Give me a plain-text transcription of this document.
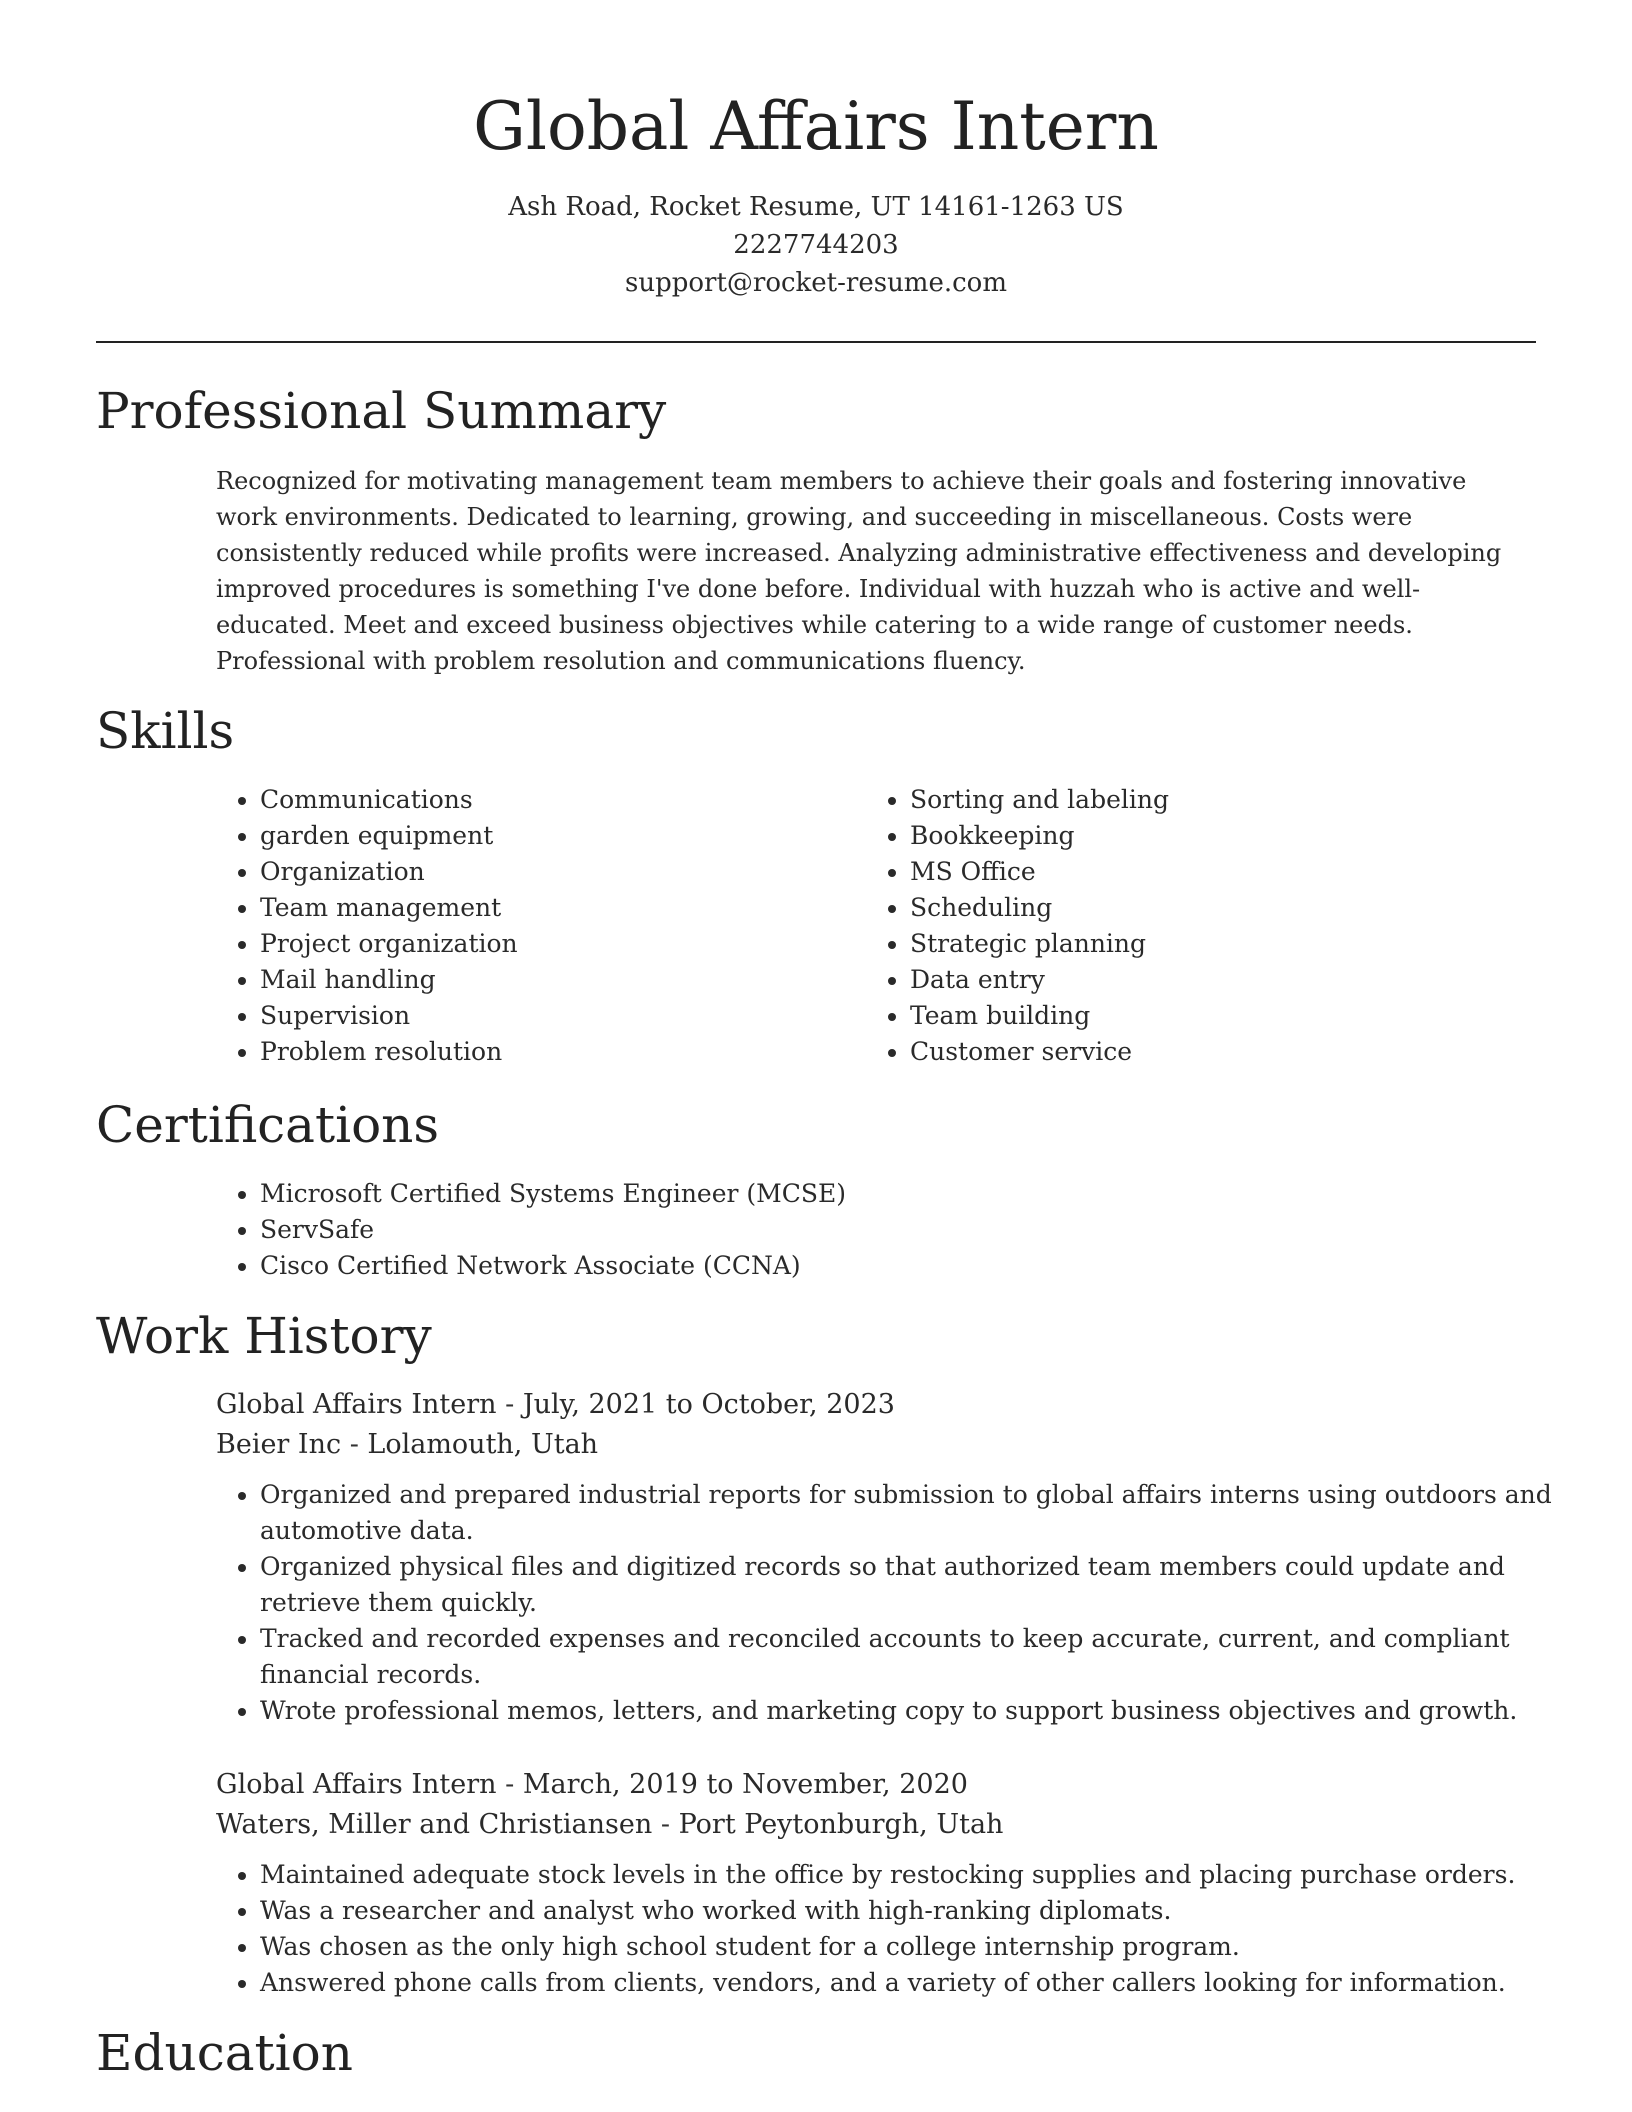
Global Affairs Intern
Ash Road, Rocket Resume, UT 14161-1263 US
2227744203
support@rocket-resume.com
Professional Summary

Recognized for motivating management team members to achieve their goals and fostering innovative work environments. Dedicated to learning, growing, and succeeding in miscellaneous. Costs were consistently reduced while profits were increased. Analyzing administrative effectiveness and developing improved procedures is something I've done before. Individual with huzzah who is active and well-educated. Meet and exceed business objectives while catering to a wide range of customer needs. Professional with problem resolution and communications fluency.

Skills
• Communications
• garden equipment
• Organization
• Team management
• Project organization
• Mail handling
• Supervision
• Problem resolution
• Sorting and labeling
• Bookkeeping
• MS Office
• Scheduling
• Strategic planning
• Data entry
• Team building
• Customer service
Certifications
• Microsoft Certified Systems Engineer (MCSE)
• ServSafe
• Cisco Certified Network Associate (CCNA)
Work History
Global Affairs Intern - July, 2021 to October, 2023
Beier Inc - Lolamouth, Utah
• Organized and prepared industrial reports for submission to global affairs interns using outdoors and automotive data.
• Organized physical files and digitized records so that authorized team members could update and retrieve them quickly.
• Tracked and recorded expenses and reconciled accounts to keep accurate, current, and compliant financial records.
• Wrote professional memos, letters, and marketing copy to support business objectives and growth.
Global Affairs Intern - March, 2019 to November, 2020
Waters, Miller and Christiansen - Port Peytonburgh, Utah
• Maintained adequate stock levels in the office by restocking supplies and placing purchase orders.
• Was a researcher and analyst who worked with high-ranking diplomats.
• Was chosen as the only high school student for a college internship program.
• Answered phone calls from clients, vendors, and a variety of other callers looking for information.
Education
